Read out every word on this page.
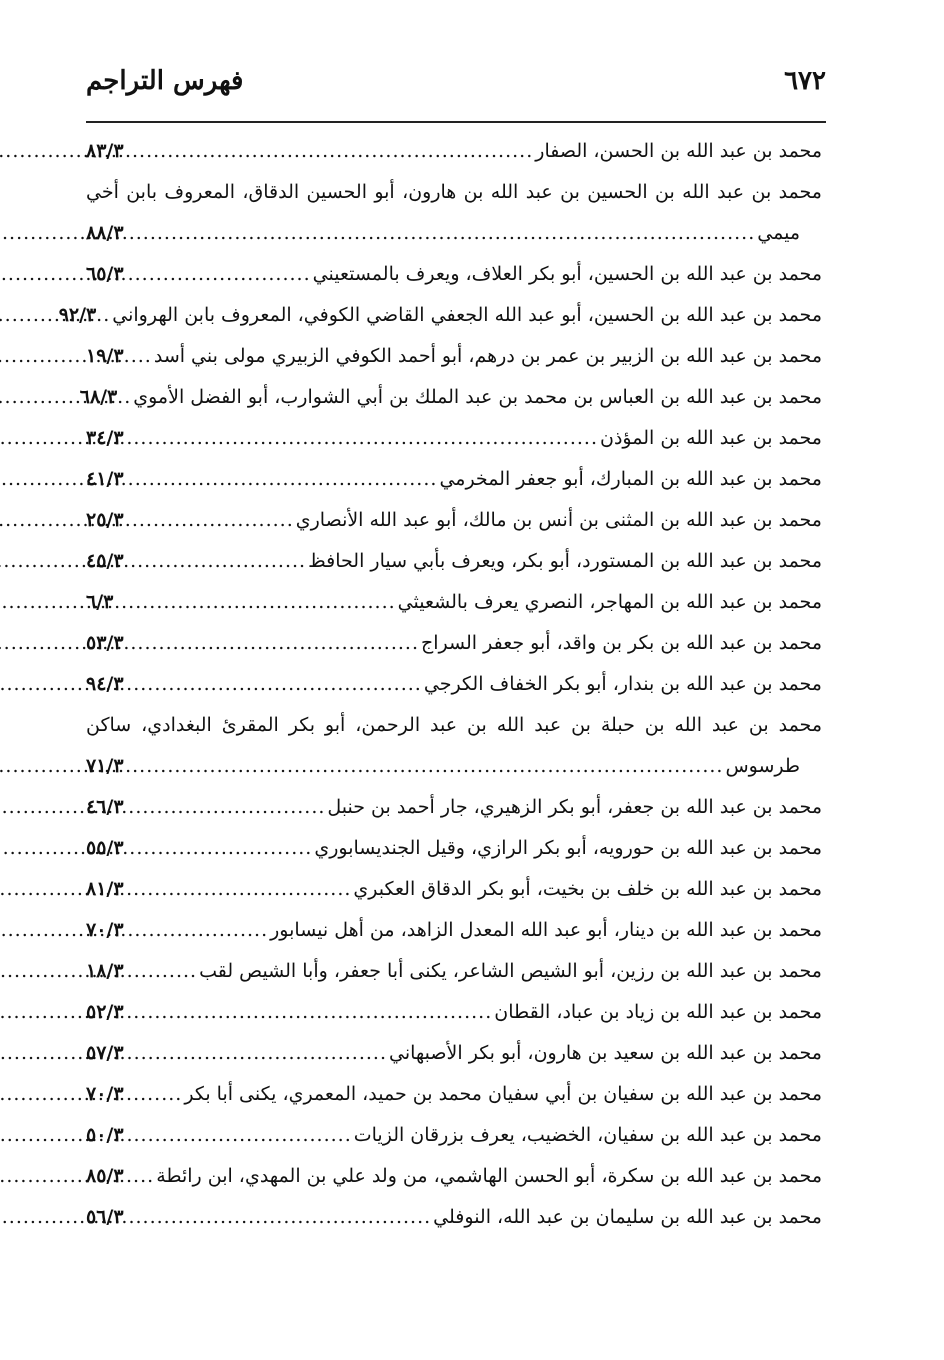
٦٧٢
فهرس التراجم
محمد بن عبد الله بن الحسن، الصفار
.....
٨٣/٣
محمد بن عبد الله بن الحسين بن عبد الله بن هارون، أبو الحسين الدقاق، المعروف بابن أخي
ميمي
.....
٨٨/٣
محمد بن عبد الله بن الحسين، أبو بكر العلاف، ويعرف بالمستعيني
.....
٦٥/٣
محمد بن عبد الله بن الحسين، أبو عبد الله الجعفي القاضي الكوفي، المعروف بابن الهرواني
.....
٩٢/٣
محمد بن عبد الله بن الزبير بن عمر بن درهم، أبو أحمد الكوفي الزبيري مولى بني أسد
.....
١٩/٣
محمد بن عبد الله بن العباس بن محمد بن عبد الملك بن أبي الشوارب، أبو الفضل الأموي
.....
٦٨/٣
محمد بن عبد الله بن المؤذن
.....
٣٤/٣
محمد بن عبد الله بن المبارك، أبو جعفر المخرمي
.....
٤١/٣
محمد بن عبد الله بن المثنى بن أنس بن مالك، أبو عبد الله الأنصاري
.....
٢٥/٣
محمد بن عبد الله بن المستورد، أبو بكر، ويعرف بأبي سيار الحافظ
.....
٤٥/٣
محمد بن عبد الله بن المهاجر، النصري يعرف بالشعيثي
.....
٦/٣
محمد بن عبد الله بن بكر بن واقد، أبو جعفر السراج
.....
٥٣/٣
محمد بن عبد الله بن بندار، أبو بكر الخفاف الكرجي
.....
٩٤/٣
محمد بن عبد الله بن حبلة بن عبد الله بن عبد الرحمن، أبو بكر المقرئ البغدادي، ساكن
طرسوس
.....
٧١/٣
محمد بن عبد الله بن جعفر، أبو بكر الزهيري، جار أحمد بن حنبل
.....
٤٦/٣
محمد بن عبد الله بن حورويه، أبو بكر الرازي، وقيل الجنديسابوري
.....
٥٥/٣
محمد بن عبد الله بن خلف بن بخيت، أبو بكر الدقاق العكبري
.....
٨١/٣
محمد بن عبد الله بن دينار، أبو عبد الله المعدل الزاهد، من أهل نيسابور
.....
٧٠/٣
محمد بن عبد الله بن رزين، أبو الشيص الشاعر، يكنى أبا جعفر، وأبا الشيص لقب
.....
١٨/٣
محمد بن عبد الله بن زياد بن عباد، القطان
.....
٥٢/٣
محمد بن عبد الله بن سعيد بن هارون، أبو بكر الأصبهاني
.....
٥٧/٣
محمد بن عبد الله بن سفيان بن أبي سفيان محمد بن حميد، المعمري، يكنى أبا بكر
.....
٧٠/٣
محمد بن عبد الله بن سفيان، الخضيب، يعرف بزرقان الزيات
.....
٥٠/٣
محمد بن عبد الله بن سكرة، أبو الحسن الهاشمي، من ولد علي بن المهدي، ابن رائطة
.....
٨٥/٣
محمد بن عبد الله بن سليمان بن عبد الله، النوفلي
.....
٥٦/٣
